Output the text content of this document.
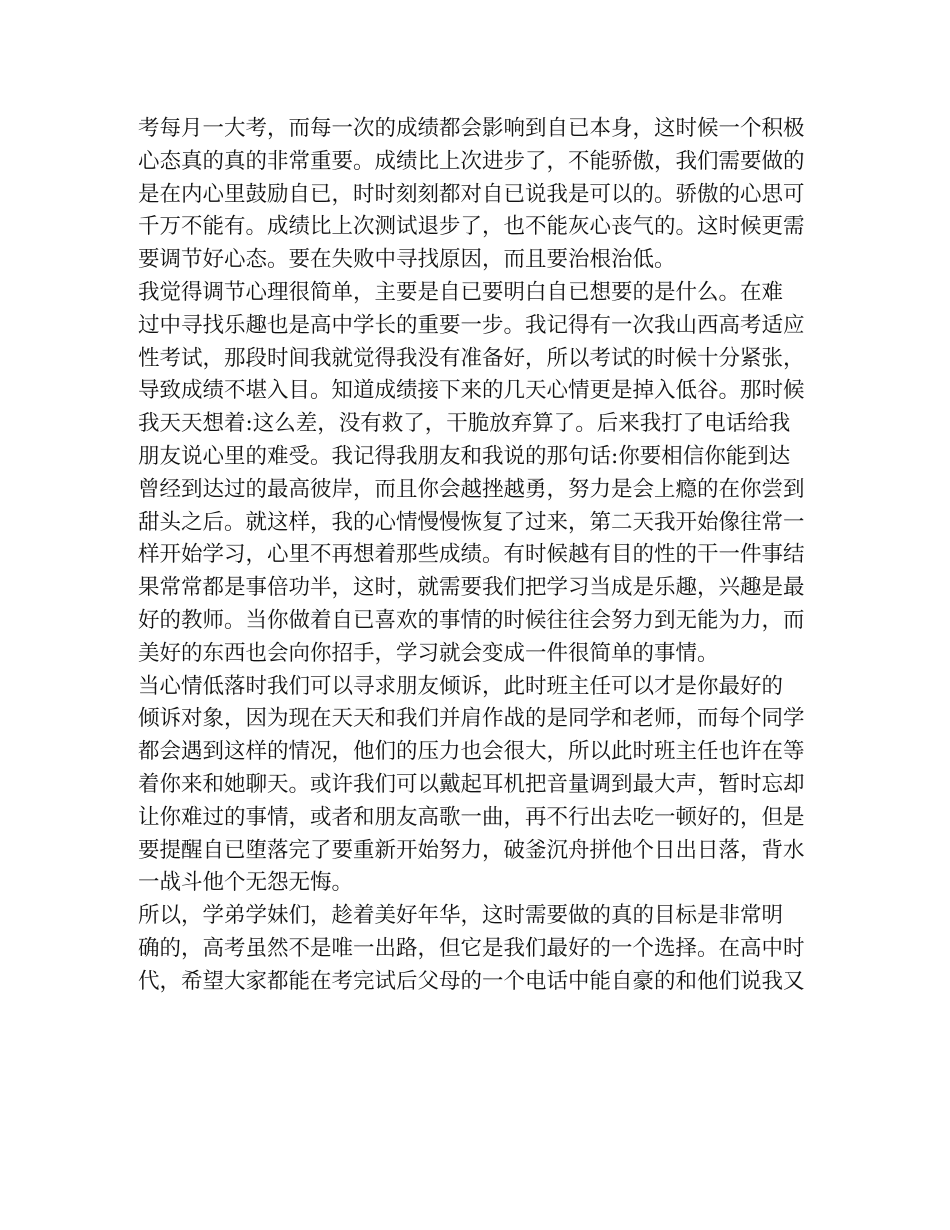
考每月一大考，而每一次的成绩都会影响到自已本身，这时候一个积极
心态真的真的非常重要。成绩比上次进步了，不能骄傲，我们需要做的
是在内心里鼓励自已，时时刻刻都对自已说我是可以的。骄傲的心思可
千万不能有。成绩比上次测试退步了，也不能灰心丧气的。这时候更需
要调节好心态。要在失败中寻找原因，而且要治根治低。
我觉得调节心理很简单，主要是自已要明白自已想要的是什么。在难
过中寻找乐趣也是高中学长的重要一步。我记得有一次我山西高考适应
性考试，那段时间我就觉得我没有准备好，所以考试的时候十分紧张，
导致成绩不堪入目。知道成绩接下来的几天心情更是掉入低谷。那时候
我天天想着:这么差，没有救了，干脆放弃算了。后来我打了电话给我
朋友说心里的难受。我记得我朋友和我说的那句话:你要相信你能到达
曾经到达过的最高彼岸，而且你会越挫越勇，努力是会上瘾的在你尝到
甜头之后。就这样，我的心情慢慢恢复了过来，第二天我开始像往常一
样开始学习，心里不再想着那些成绩。有时候越有目的性的干一件事结
果常常都是事倍功半，这时，就需要我们把学习当成是乐趣，兴趣是最
好的教师。当你做着自已喜欢的事情的时候往往会努力到无能为力，而
美好的东西也会向你招手，学习就会变成一件很简单的事情。
当心情低落时我们可以寻求朋友倾诉，此时班主任可以才是你最好的
倾诉对象，因为现在天天和我们并肩作战的是同学和老师，而每个同学
都会遇到这样的情况，他们的压力也会很大，所以此时班主任也许在等
着你来和她聊天。或许我们可以戴起耳机把音量调到最大声，暂时忘却
让你难过的事情，或者和朋友高歌一曲，再不行出去吃一顿好的，但是
要提醒自已堕落完了要重新开始努力，破釜沉舟拼他个日出日落，背水
一战斗他个无怨无悔。
所以，学弟学妹们，趁着美好年华，这时需要做的真的目标是非常明
确的，高考虽然不是唯一出路，但它是我们最好的一个选择。在高中时
代，希望大家都能在考完试后父母的一个电话中能自豪的和他们说我又
